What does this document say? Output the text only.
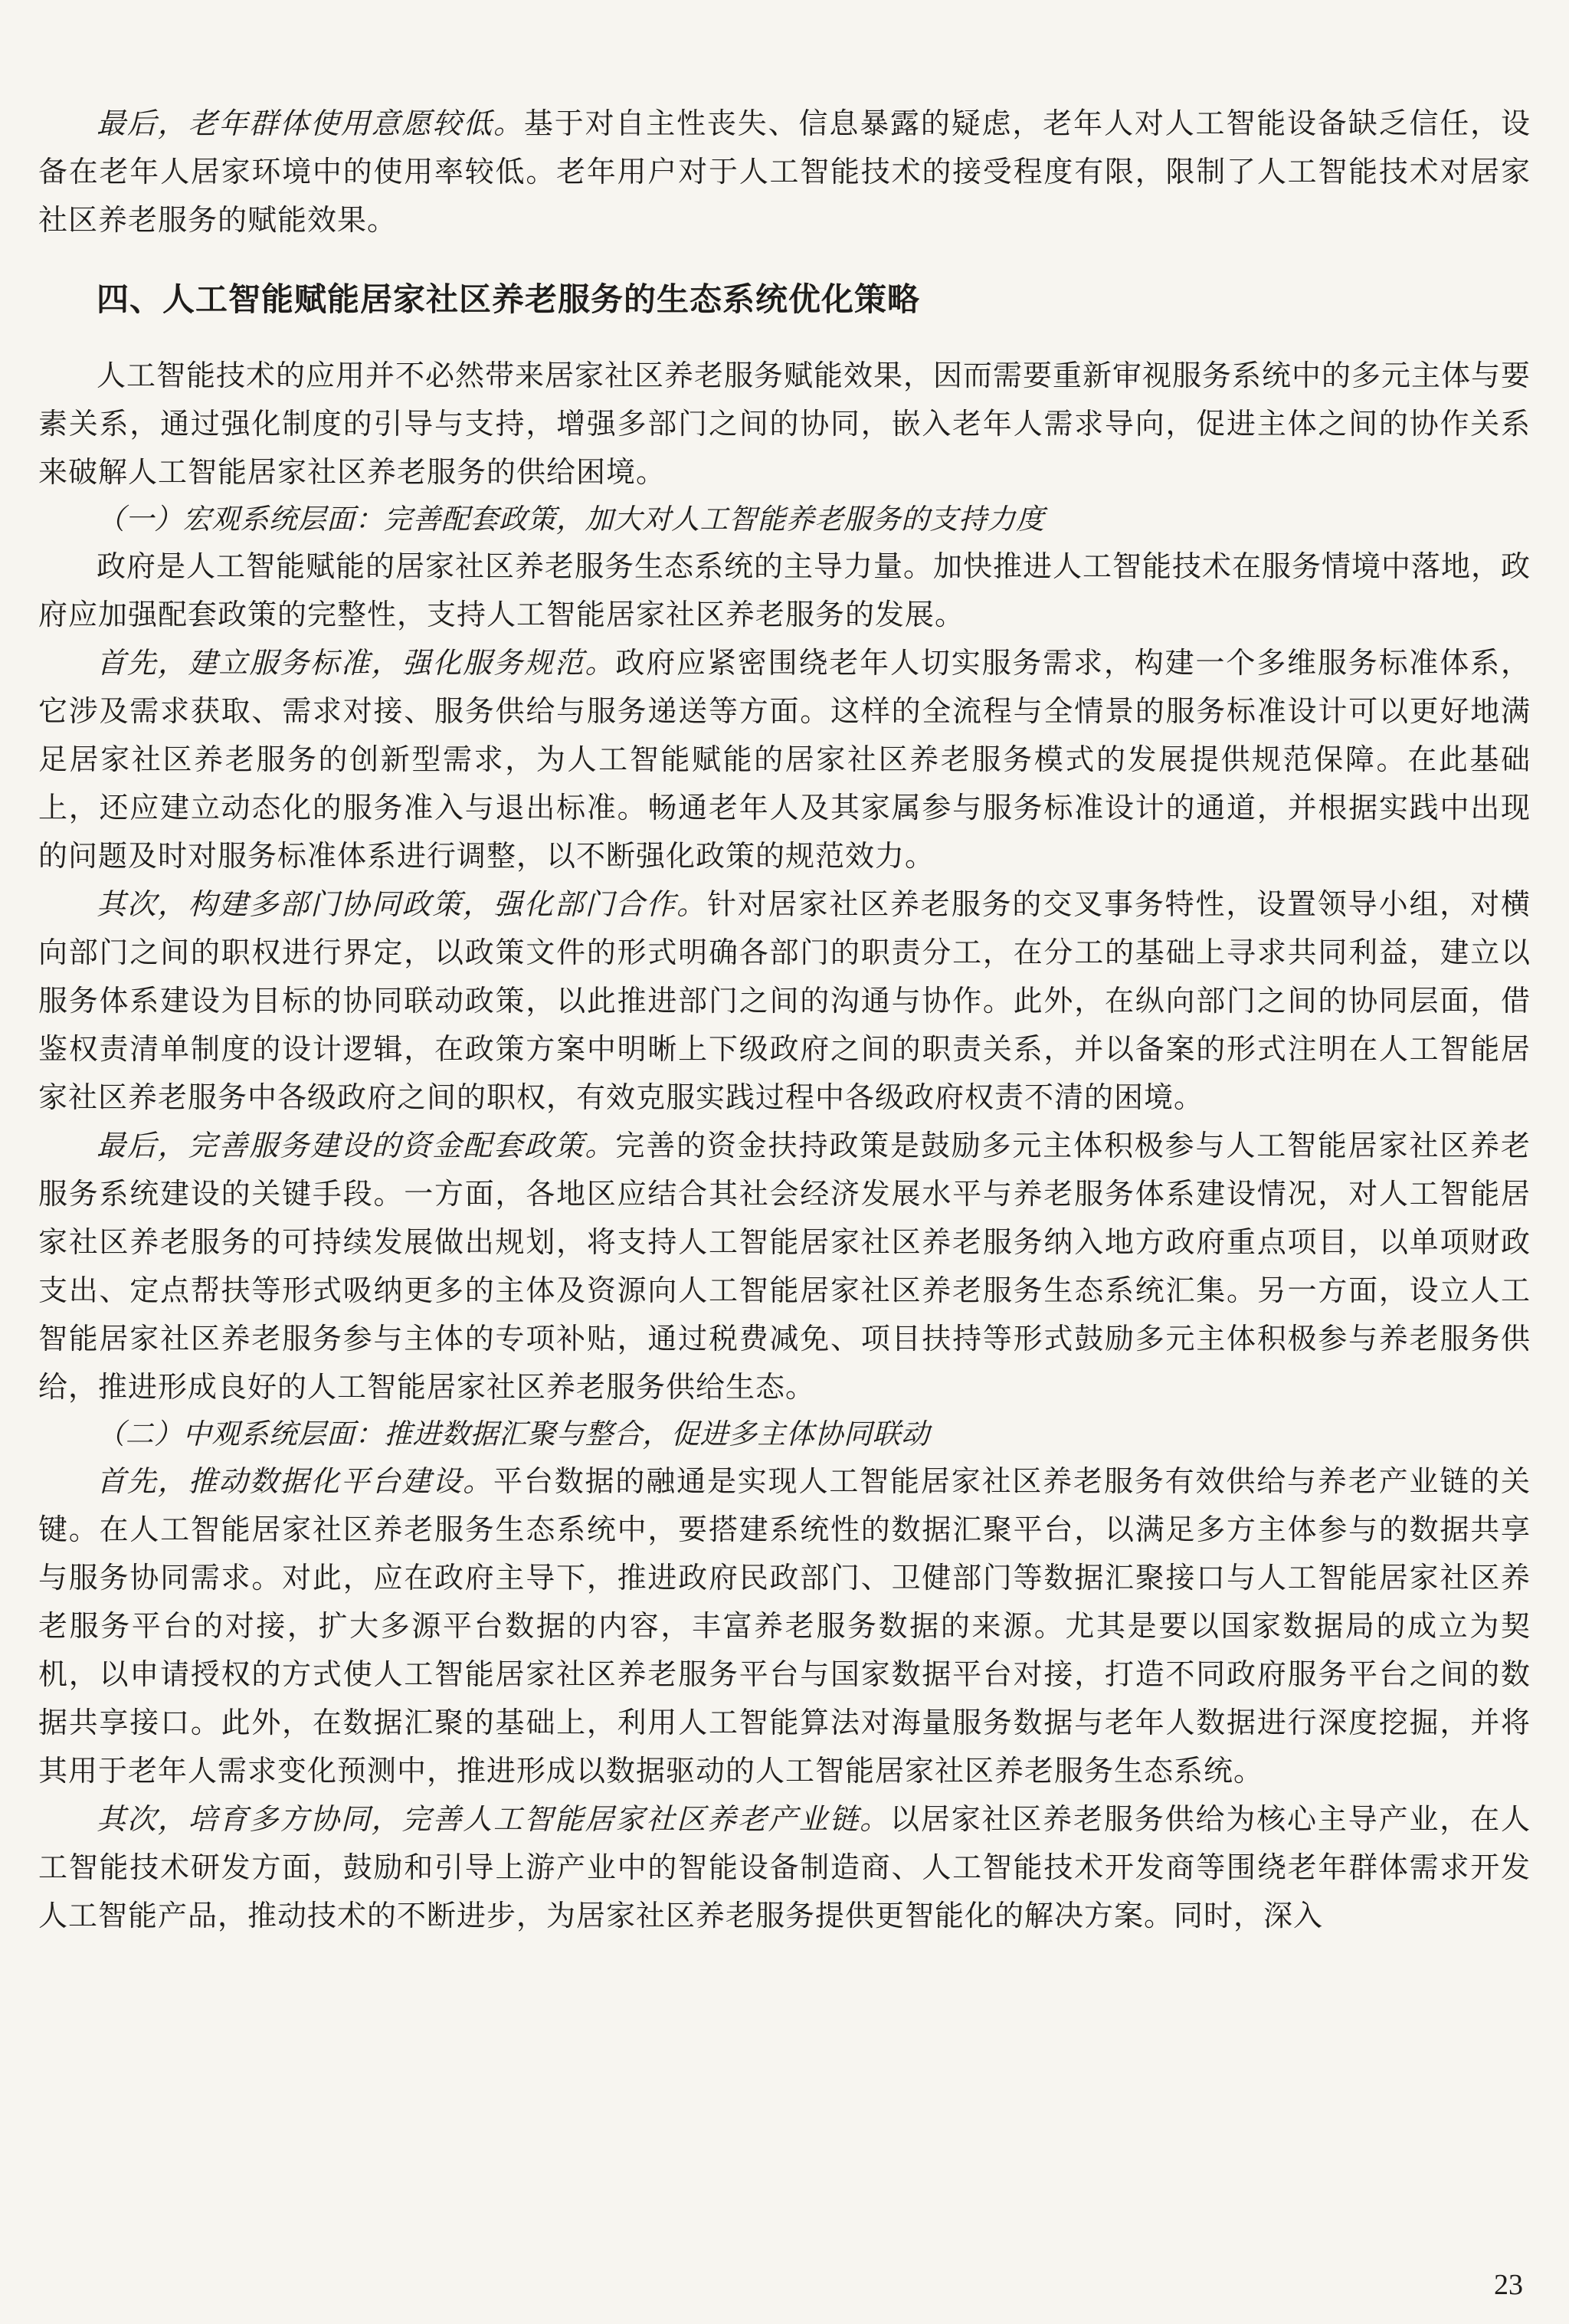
最后，老年群体使用意愿较低。基于对自主性丧失、信息暴露的疑虑，老年人对人工智能设备缺乏信任，设备在老年人居家环境中的使用率较低。老年用户对于人工智能技术的接受程度有限，限制了人工智能技术对居家社区养老服务的赋能效果。

四、人工智能赋能居家社区养老服务的生态系统优化策略

人工智能技术的应用并不必然带来居家社区养老服务赋能效果，因而需要重新审视服务系统中的多元主体与要素关系，通过强化制度的引导与支持，增强多部门之间的协同，嵌入老年人需求导向，促进主体之间的协作关系来破解人工智能居家社区养老服务的供给困境。

（一）宏观系统层面：完善配套政策，加大对人工智能养老服务的支持力度

政府是人工智能赋能的居家社区养老服务生态系统的主导力量。加快推进人工智能技术在服务情境中落地，政府应加强配套政策的完整性，支持人工智能居家社区养老服务的发展。

首先，建立服务标准，强化服务规范。政府应紧密围绕老年人切实服务需求，构建一个多维服务标准体系，它涉及需求获取、需求对接、服务供给与服务递送等方面。这样的全流程与全情景的服务标准设计可以更好地满足居家社区养老服务的创新型需求，为人工智能赋能的居家社区养老服务模式的发展提供规范保障。在此基础上，还应建立动态化的服务准入与退出标准。畅通老年人及其家属参与服务标准设计的通道，并根据实践中出现的问题及时对服务标准体系进行调整，以不断强化政策的规范效力。

其次，构建多部门协同政策，强化部门合作。针对居家社区养老服务的交叉事务特性，设置领导小组，对横向部门之间的职权进行界定，以政策文件的形式明确各部门的职责分工，在分工的基础上寻求共同利益，建立以服务体系建设为目标的协同联动政策，以此推进部门之间的沟通与协作。此外，在纵向部门之间的协同层面，借鉴权责清单制度的设计逻辑，在政策方案中明晰上下级政府之间的职责关系，并以备案的形式注明在人工智能居家社区养老服务中各级政府之间的职权，有效克服实践过程中各级政府权责不清的困境。

最后，完善服务建设的资金配套政策。完善的资金扶持政策是鼓励多元主体积极参与人工智能居家社区养老服务系统建设的关键手段。一方面，各地区应结合其社会经济发展水平与养老服务体系建设情况，对人工智能居家社区养老服务的可持续发展做出规划，将支持人工智能居家社区养老服务纳入地方政府重点项目，以单项财政支出、定点帮扶等形式吸纳更多的主体及资源向人工智能居家社区养老服务生态系统汇集。另一方面，设立人工智能居家社区养老服务参与主体的专项补贴，通过税费减免、项目扶持等形式鼓励多元主体积极参与养老服务供给，推进形成良好的人工智能居家社区养老服务供给生态。

（二）中观系统层面：推进数据汇聚与整合，促进多主体协同联动

首先，推动数据化平台建设。平台数据的融通是实现人工智能居家社区养老服务有效供给与养老产业链的关键。在人工智能居家社区养老服务生态系统中，要搭建系统性的数据汇聚平台，以满足多方主体参与的数据共享与服务协同需求。对此，应在政府主导下，推进政府民政部门、卫健部门等数据汇聚接口与人工智能居家社区养老服务平台的对接，扩大多源平台数据的内容，丰富养老服务数据的来源。尤其是要以国家数据局的成立为契机，以申请授权的方式使人工智能居家社区养老服务平台与国家数据平台对接，打造不同政府服务平台之间的数据共享接口。此外，在数据汇聚的基础上，利用人工智能算法对海量服务数据与老年人数据进行深度挖掘，并将其用于老年人需求变化预测中，推进形成以数据驱动的人工智能居家社区养老服务生态系统。

其次，培育多方协同，完善人工智能居家社区养老产业链。以居家社区养老服务供给为核心主导产业，在人工智能技术研发方面，鼓励和引导上游产业中的智能设备制造商、人工智能技术开发商等围绕老年群体需求开发人工智能产品，推动技术的不断进步，为居家社区养老服务提供更智能化的解决方案。同时，深入

23
